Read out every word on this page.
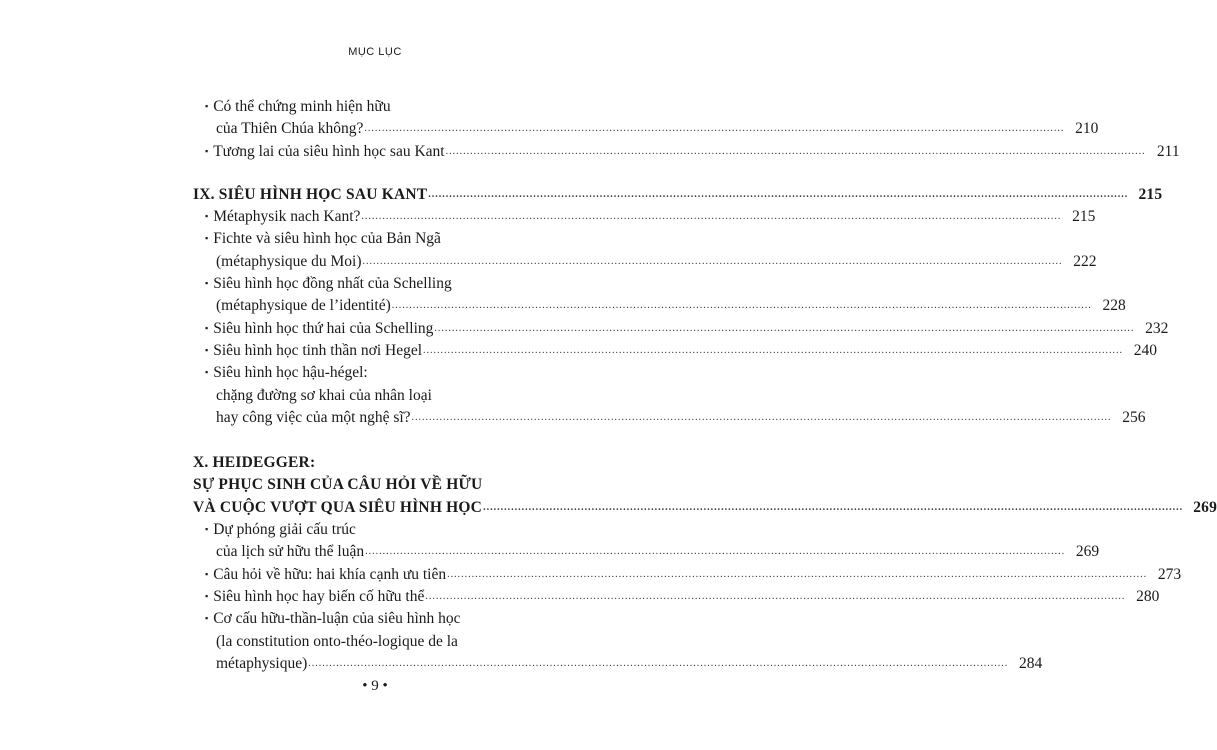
MỤC LỤC
▪ Có thể chứng minh hiện hữu
của Thiên Chúa không? ........................................................................................................................................................................................................ 210
▪ Tương lai của siêu hình học sau Kant ........................................................................................................................................................................................................ 211
IX. SIÊU HÌNH HỌC SAU KANT ........................................................................................................................................................................................................ 215
▪ Métaphysik nach Kant? ........................................................................................................................................................................................................ 215
▪ Fichte và siêu hình học của Bản Ngã
(métaphysique du Moi) ........................................................................................................................................................................................................ 222
▪ Siêu hình học đồng nhất của Schelling
(métaphysique de l’identité) ........................................................................................................................................................................................................ 228
▪ Siêu hình học thứ hai của Schelling ........................................................................................................................................................................................................ 232
▪ Siêu hình học tinh thần nơi Hegel ........................................................................................................................................................................................................ 240
▪ Siêu hình học hậu-hégel:
chặng đường sơ khai của nhân loại
hay công việc của một nghệ sĩ? ........................................................................................................................................................................................................ 256
X. HEIDEGGER:
SỰ PHỤC SINH CỦA CÂU HỎI VỀ HỮU
VÀ CUỘC VƯỢT QUA SIÊU HÌNH HỌC ........................................................................................................................................................................................................ 269
▪ Dự phóng giải cấu trúc
của lịch sử hữu thể luận ........................................................................................................................................................................................................ 269
▪ Câu hỏi về hữu: hai khía cạnh ưu tiên ........................................................................................................................................................................................................ 273
▪ Siêu hình học hay biến cố hữu thể ........................................................................................................................................................................................................ 280
▪ Cơ cấu hữu-thần-luận của siêu hình học
(la constitution onto-théo-logique de la
métaphysique) ........................................................................................................................................................................................................ 284
• 9 •
